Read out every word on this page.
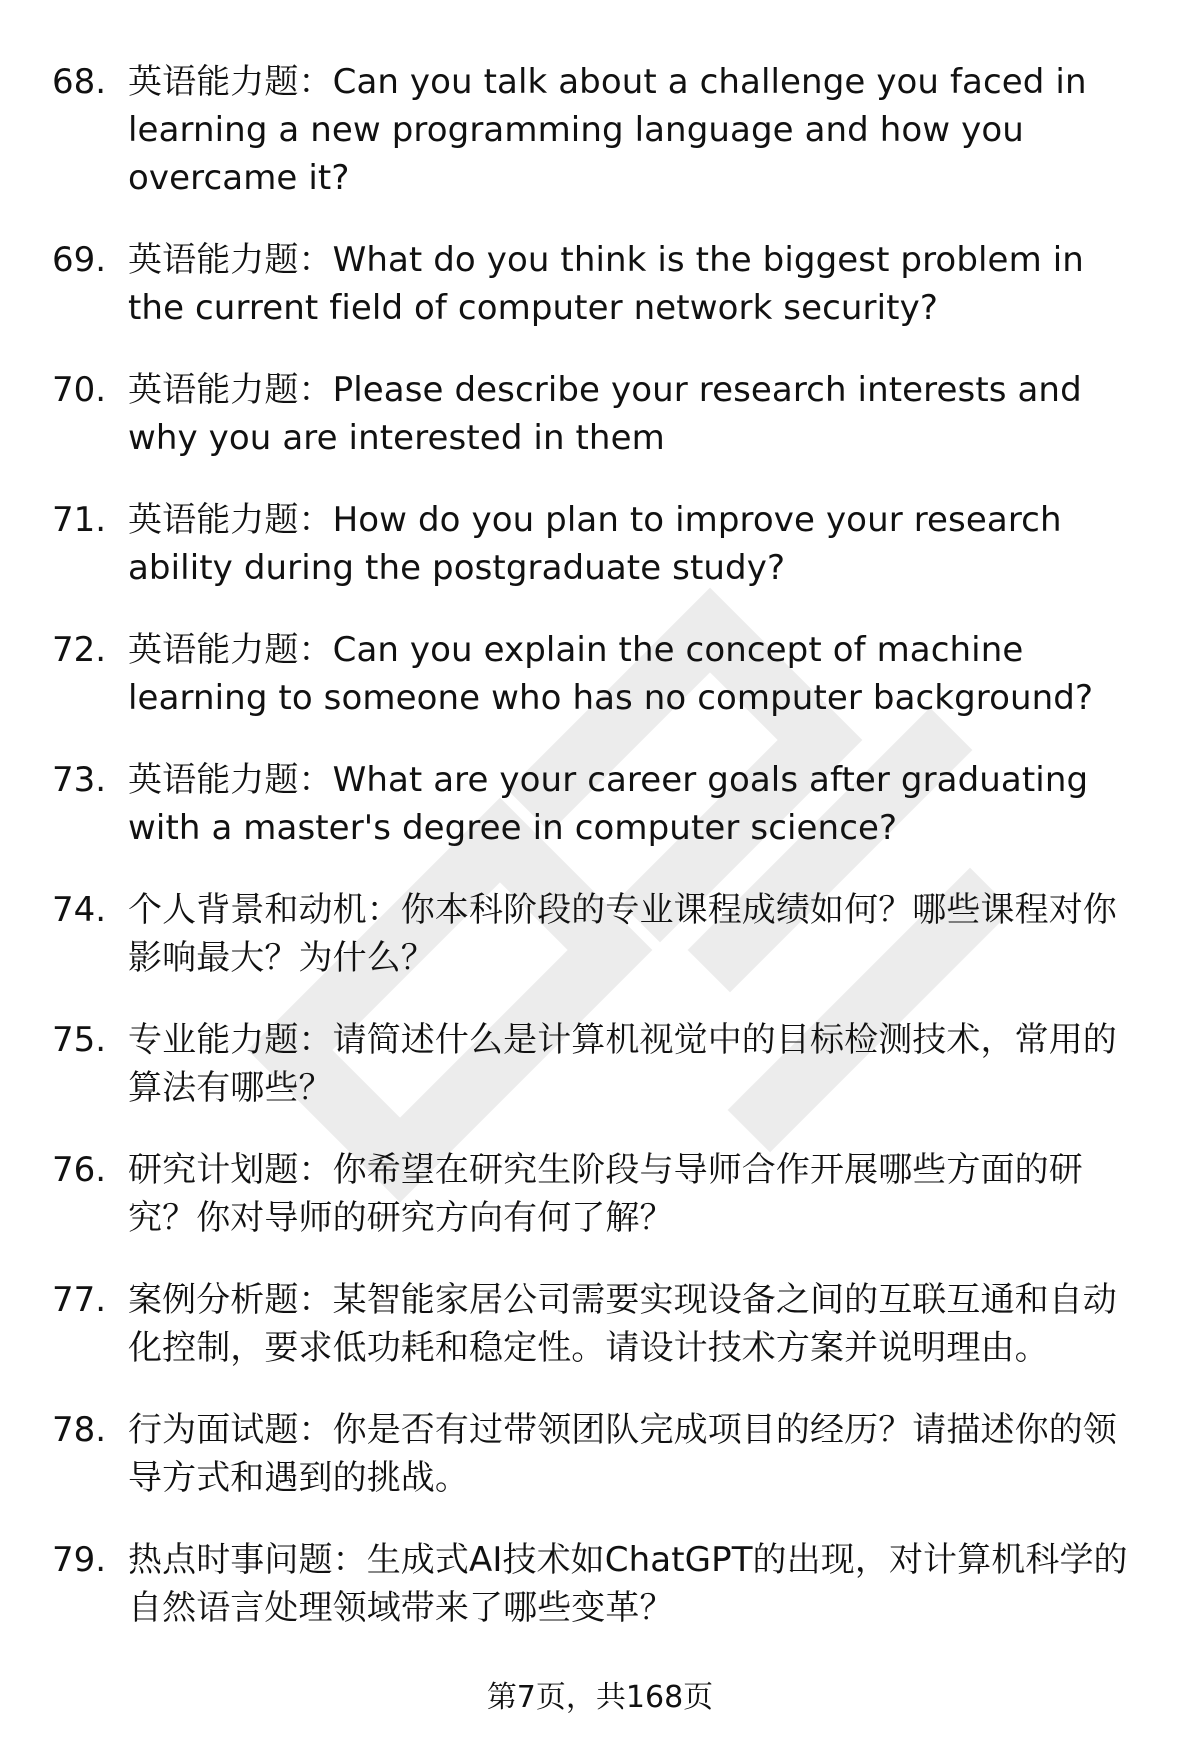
68. 英语能力题：Can you talk about a challenge you faced in learning a new programming language and how you overcame it?
69. 英语能力题：What do you think is the biggest problem in the current field of computer network security?
70. 英语能力题：Please describe your research interests and why you are interested in them
71. 英语能力题：How do you plan to improve your research ability during the postgraduate study?
72. 英语能力题：Can you explain the concept of machine learning to someone who has no computer background?
73. 英语能力题：What are your career goals after graduating with a master's degree in computer science?
74. 个人背景和动机：你本科阶段的专业课程成绩如何？哪些课程对你影响最大？为什么？
75. 专业能力题：请简述什么是计算机视觉中的目标检测技术，常用的算法有哪些？
76. 研究计划题：你希望在研究生阶段与导师合作开展哪些方面的研究？你对导师的研究方向有何了解？
77. 案例分析题：某智能家居公司需要实现设备之间的互联互通和自动化控制，要求低功耗和稳定性。请设计技术方案并说明理由。
78. 行为面试题：你是否有过带领团队完成项目的经历？请描述你的领导方式和遇到的挑战。
79. 热点时事问题：生成式AI技术如ChatGPT的出现，对计算机科学的自然语言处理领域带来了哪些变革？
第7页，共168页
